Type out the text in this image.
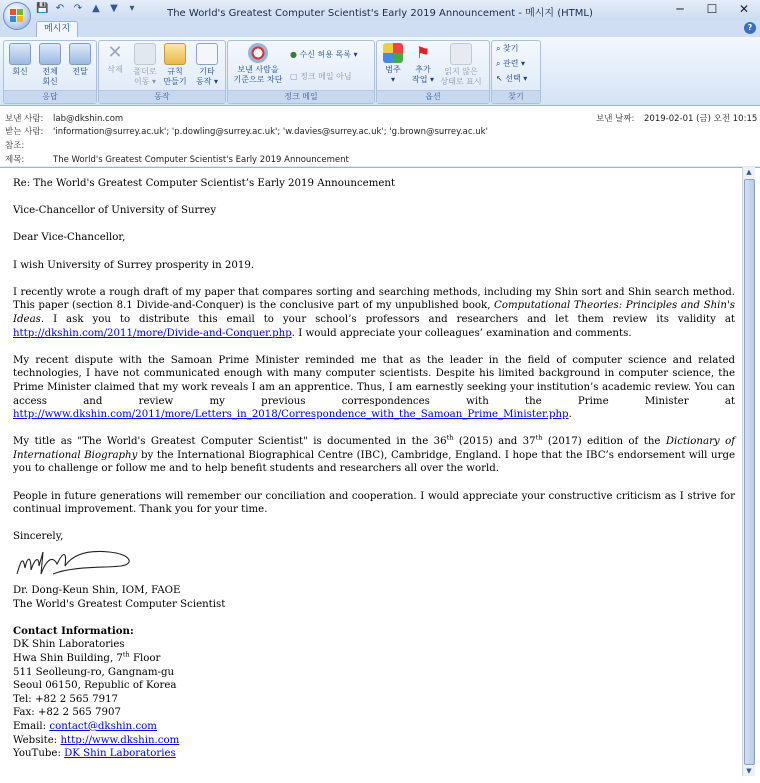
💾 ↶ ↷ ▲ ▼	▾	The World's Greatest Computer Scientist's Early 2019 Announcement - 메시지 (HTML)	─	☐	✕
메시지	?
회신	전체
회신
전달
응답
✕
삭제	폴더로
이동 ▾
규칙
만들기
기타
동작 ▾
동작
보낸 사람을
기준으로 차단
● 수신 허용 목록 ▾
▢ 정크 메일 아님
정크 메일
범주
▾
⚑
추가
작업 ▾
읽지 않은
상태로 표시
옵션
⌕ 찾기
⌕ 관련 ▾
↖ 선택 ▾
찾기
보낸 사람: lab@dkshin.com	보낸 날짜: 2019-02-01 (금) 오전 10:15
받는 사람: 'information@surrey.ac.uk'; 'p.dowling@surrey.ac.uk'; 'w.davies@surrey.ac.uk'; 'g.brown@surrey.ac.uk'
참조:
제목:	The World's Greatest Computer Scientist's Early 2019 Announcement

Re: The World's Greatest Computer Scientist’s Early 2019 Announcement

Vice-Chancellor of University of Surrey

Dear Vice-Chancellor,

I wish University of Surrey prosperity in 2019.

I recently wrote a rough draft of my paper that compares sorting and searching methods, including my Shin sort and Shin search method. This paper (section 8.1 Divide-and-Conquer) is the conclusive part of my unpublished book, Computational Theories: Principles and Shin's Ideas. I ask you to distribute this email to your school’s professors and researchers and let them review its validity at http://dkshin.com/2011/more/Divide-and-Conquer.php. I would appreciate your colleagues’ examination and comments.

My recent dispute with the Samoan Prime Minister reminded me that as the leader in the field of computer science and related technologies, I have not communicated enough with many computer scientists. Despite his limited background in computer science, the Prime Minister claimed that my work reveals I am an apprentice. Thus, I am earnestly seeking your institution’s academic review. You can access and review my previous correspondences with the Prime Minister at http://www.dkshin.com/2011/more/Letters_in_2018/Correspondence_with_the_Samoan_Prime_Minister.php.

My title as "The World's Greatest Computer Scientist" is documented in the 36th (2015) and 37th (2017) edition of the Dictionary of International Biography by the International Biographical Centre (IBC), Cambridge, England. I hope that the IBC’s endorsement will urge you to challenge or follow me and to help benefit students and researchers all over the world.

People in future generations will remember our conciliation and cooperation. I would appreciate your constructive criticism as I strive for continual improvement. Thank you for your time.

Sincerely,
Dr. Dong-Keun Shin, IOM, FAOE
The World's Greatest Computer Scientist
Contact Information:
DK Shin Laboratories
Hwa Shin Building, 7th Floor
511 Seolleung-ro, Gangnam-gu
Seoul 06150, Republic of Korea
Tel: +82 2 565 7917
Fax: +82 2 565 7907
Email: contact@dkshin.com
Website: http://www.dkshin.com
YouTube: DK Shin Laboratories
▲
▼
